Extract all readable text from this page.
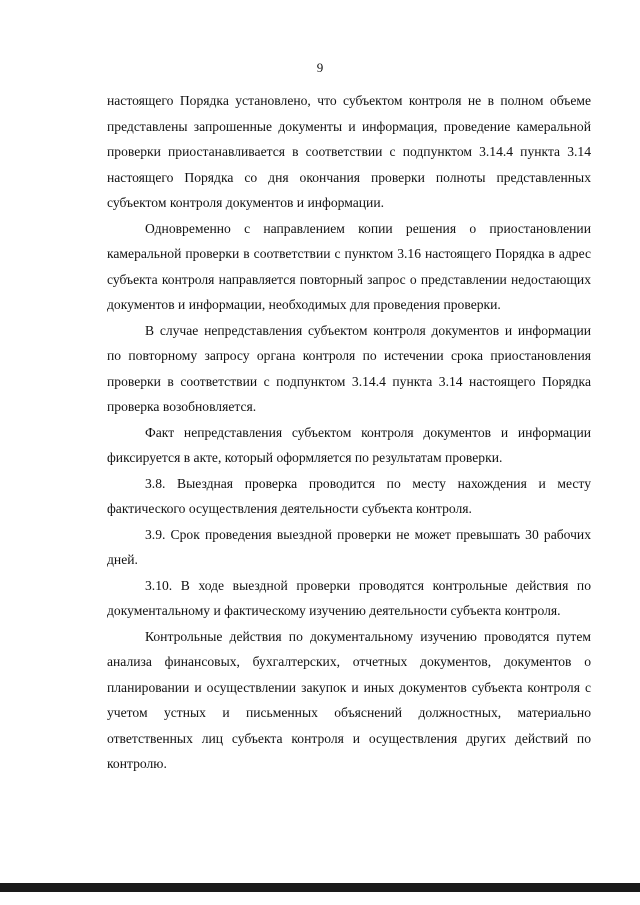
9

настоящего Порядка установлено, что субъектом контроля не в полном объеме представлены запрошенные документы и информация, проведение камеральной проверки приостанавливается в соответствии с подпунктом 3.14.4 пункта 3.14 настоящего Порядка со дня окончания проверки полноты представленных субъектом контроля документов и информации.

Одновременно с направлением копии решения о приостановлении камеральной проверки в соответствии с пунктом 3.16 настоящего Порядка в адрес субъекта контроля направляется повторный запрос о представлении недостающих документов и информации, необходимых для проведения проверки.

В случае непредставления субъектом контроля документов и информации по повторному запросу органа контроля по истечении срока приостановления проверки в соответствии с подпунктом 3.14.4 пункта 3.14 настоящего Порядка проверка возобновляется.

Факт непредставления субъектом контроля документов и информации фиксируется в акте, который оформляется по результатам проверки.

3.8. Выездная проверка проводится по месту нахождения и месту фактического осуществления деятельности субъекта контроля.

3.9. Срок проведения выездной проверки не может превышать 30 рабочих дней.

3.10. В ходе выездной проверки проводятся контрольные действия по документальному и фактическому изучению деятельности субъекта контроля.

Контрольные действия по документальному изучению проводятся путем анализа финансовых, бухгалтерских, отчетных документов, документов о планировании и осуществлении закупок и иных документов субъекта контроля с учетом устных и письменных объяснений должностных, материально ответственных лиц субъекта контроля и осуществления других действий по контролю.
